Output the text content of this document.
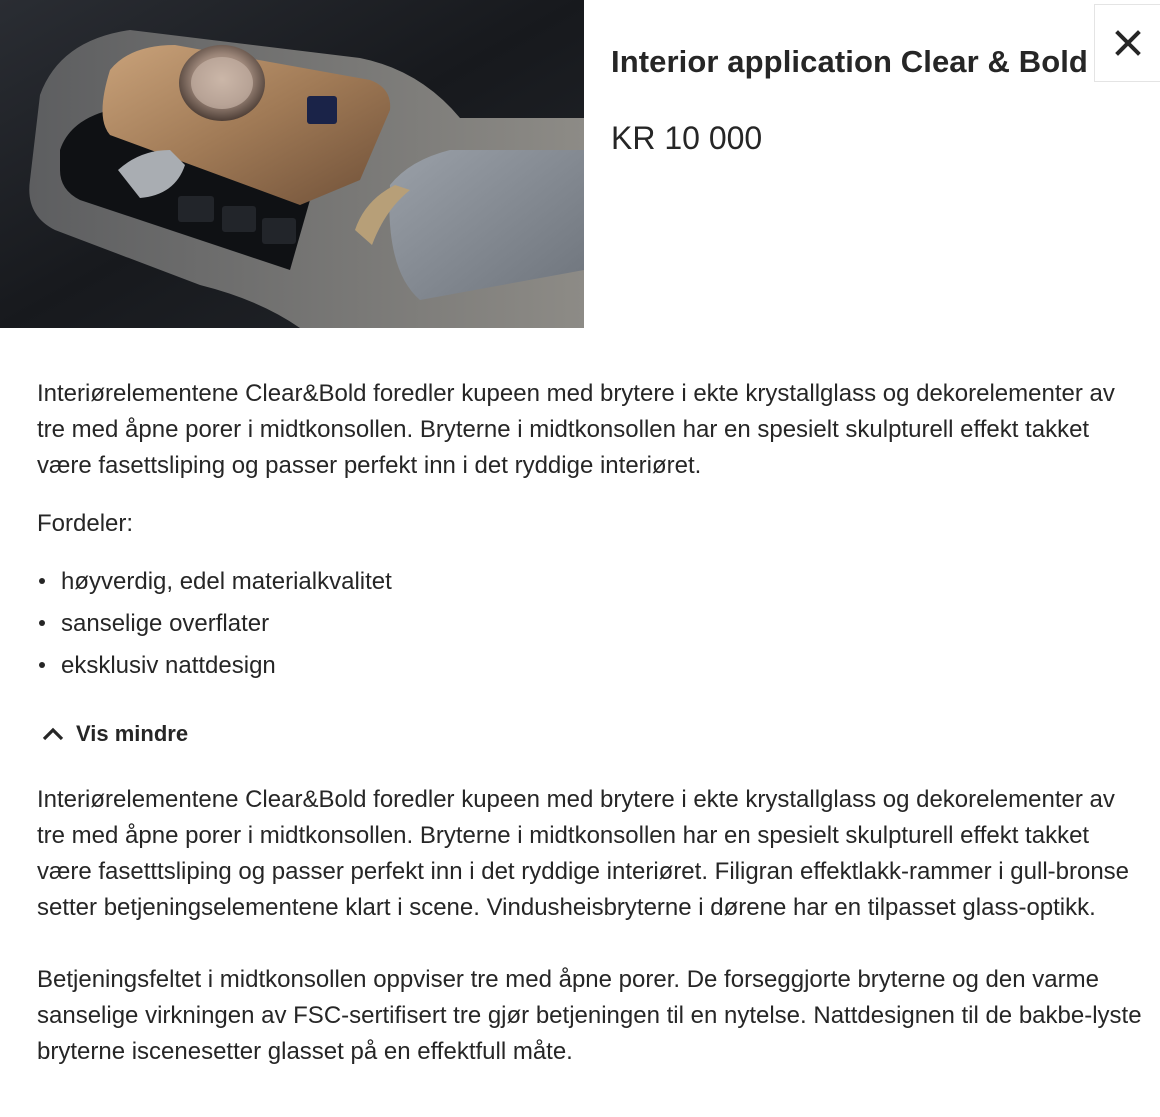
Interior application Clear & Bold

KR 10 000

Interiørelementene Clear&Bold foredler kupeen med brytere i ekte krystallglass og dekorelementer av tre med åpne porer i midtkonsollen. Bryterne i midtkonsollen har en spesielt skulpturell effekt takket være fasettsliping og passer perfekt inn i det ryddige interiøret.

Fordeler:

høyverdig, edel materialkvalitet
sanselige overflater
eksklusiv nattdesign
Vis mindre

Interiørelementene Clear&Bold foredler kupeen med brytere i ekte krystallglass og dekorelementer av tre med åpne porer i midtkonsollen. Bryterne i midtkonsollen har en spesielt skulpturell effekt takket være fasetttsliping og passer perfekt inn i det ryddige interiøret. Filigran effektlakk-rammer i gull-bronse setter betjeningselementene klart i scene. Vindusheisbryterne i dørene har en tilpasset glass-optikk.

Betjeningsfeltet i midtkonsollen oppviser tre med åpne porer. De forseggjorte bryterne og den varme sanselige virkningen av FSC-sertifisert tre gjør betjeningen til en nytelse. Nattdesignen til de bakbe-lyste bryterne iscenesetter glasset på en effektfull måte.
